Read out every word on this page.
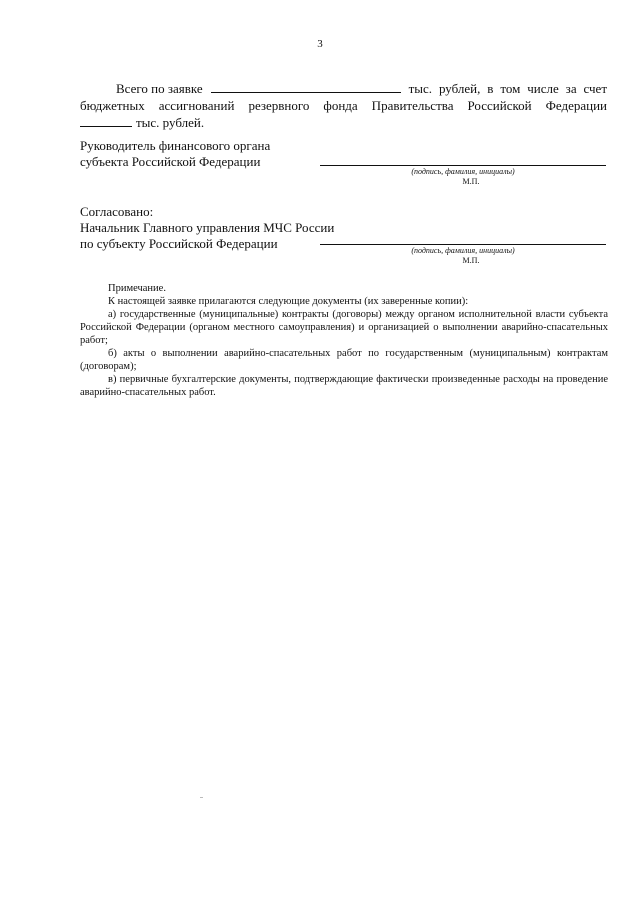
3
Всего по заявке	тыс. рублей, в том числе за счет
бюджетных ассигнований резервного фонда Правительства Российской Федерации
тыс. рублей.
Руководитель финансового органа
субъекта Российской Федерации
(подпись, фамилия, инициалы)
М.П.
Согласовано:
Начальник Главного управления МЧС России
по субъекту Российской Федерации	(подпись, фамилия, инициалы)
М.П.

Примечание.

К настоящей заявке прилагаются следующие документы (их заверенные копии):

а) государственные (муниципальные) контракты (договоры) между органом исполнительной власти субъекта Российской Федерации (органом местного самоуправления) и организацией о выполнении аварийно-спасательных работ;

б) акты о выполнении аварийно-спасательных работ по государственным (муниципальным) контрактам (договорам);

в) первичные бухгалтерские документы, подтверждающие фактически произведенные расходы на проведение аварийно-спасательных работ.
